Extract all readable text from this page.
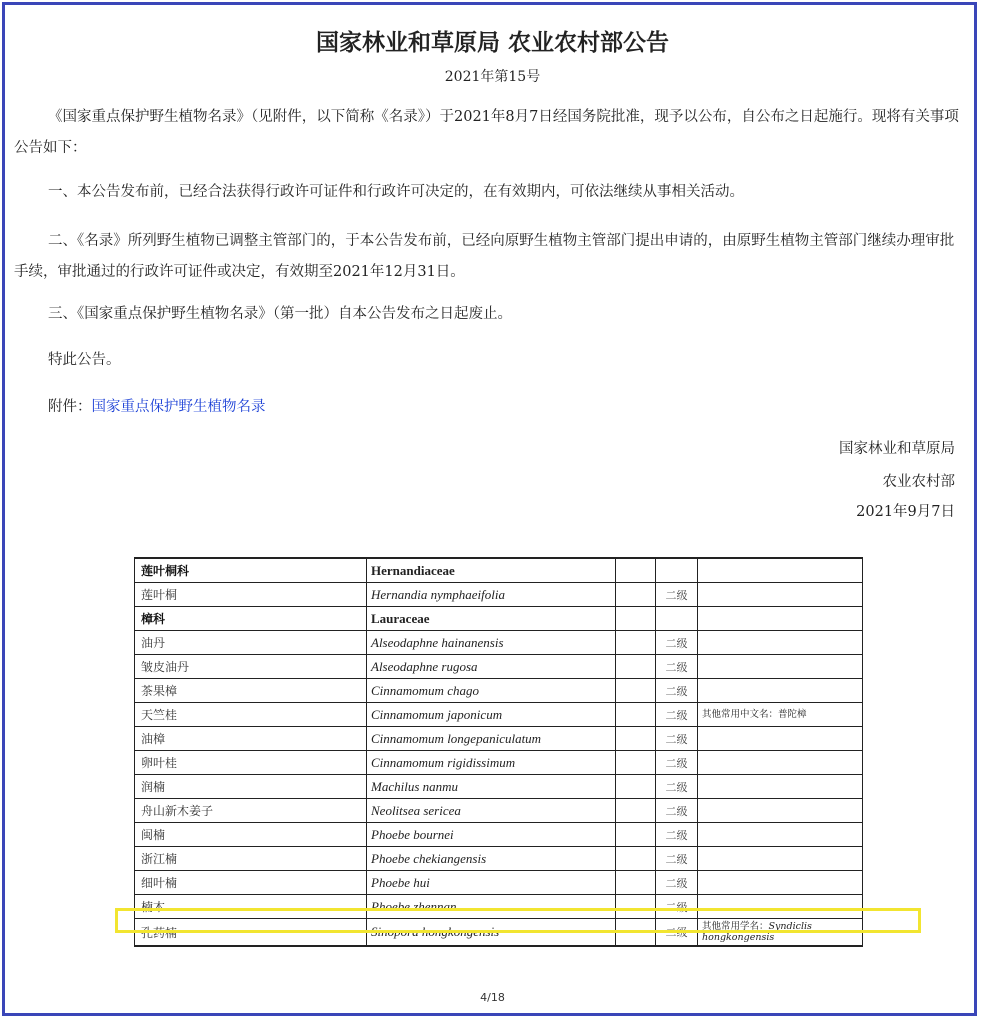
国家林业和草原局 农业农村部公告
2021年第15号

《国家重点保护野生植物名录》（见附件，以下简称《名录》）于2021年8月7日经国务院批准，现予以公布，自公布之日起施行。现将有关事项公告如下：

一、本公告发布前，已经合法获得行政许可证件和行政许可决定的，在有效期内，可依法继续从事相关活动。

二、《名录》所列野生植物已调整主管部门的，于本公告发布前，已经向原野生植物主管部门提出申请的，由原野生植物主管部门继续办理审批手续，审批通过的行政许可证件或决定，有效期至2021年12月31日。

三、《国家重点保护野生植物名录》（第一批）自本公告发布之日起废止。

特此公告。

附件：国家重点保护野生植物名录

国家林业和草原局
农业农村部
2021年9月7日
莲叶桐科	Hernandiaceae			
莲叶桐	Hernandia nymphaeifolia		二级	
樟科	Lauraceae			
油丹	Alseodaphne hainanensis		二级	
皱皮油丹	Alseodaphne rugosa		二级	
茶果樟	Cinnamomum chago		二级	
天竺桂	Cinnamomum japonicum		二级	其他常用中文名：普陀樟
油樟	Cinnamomum longepaniculatum		二级	
卵叶桂	Cinnamomum rigidissimum		二级	
润楠	Machilus nanmu		二级	
舟山新木姜子	Neolitsea sericea		二级	
闽楠	Phoebe bournei		二级	
浙江楠	Phoebe chekiangensis		二级	
细叶楠	Phoebe hui		二级	
楠木	Phoebe zhennan		二级	
孔药楠	Sinopora hongkongensis		二级	其他常用学名：Syndiclis hongkongensis
4/18
